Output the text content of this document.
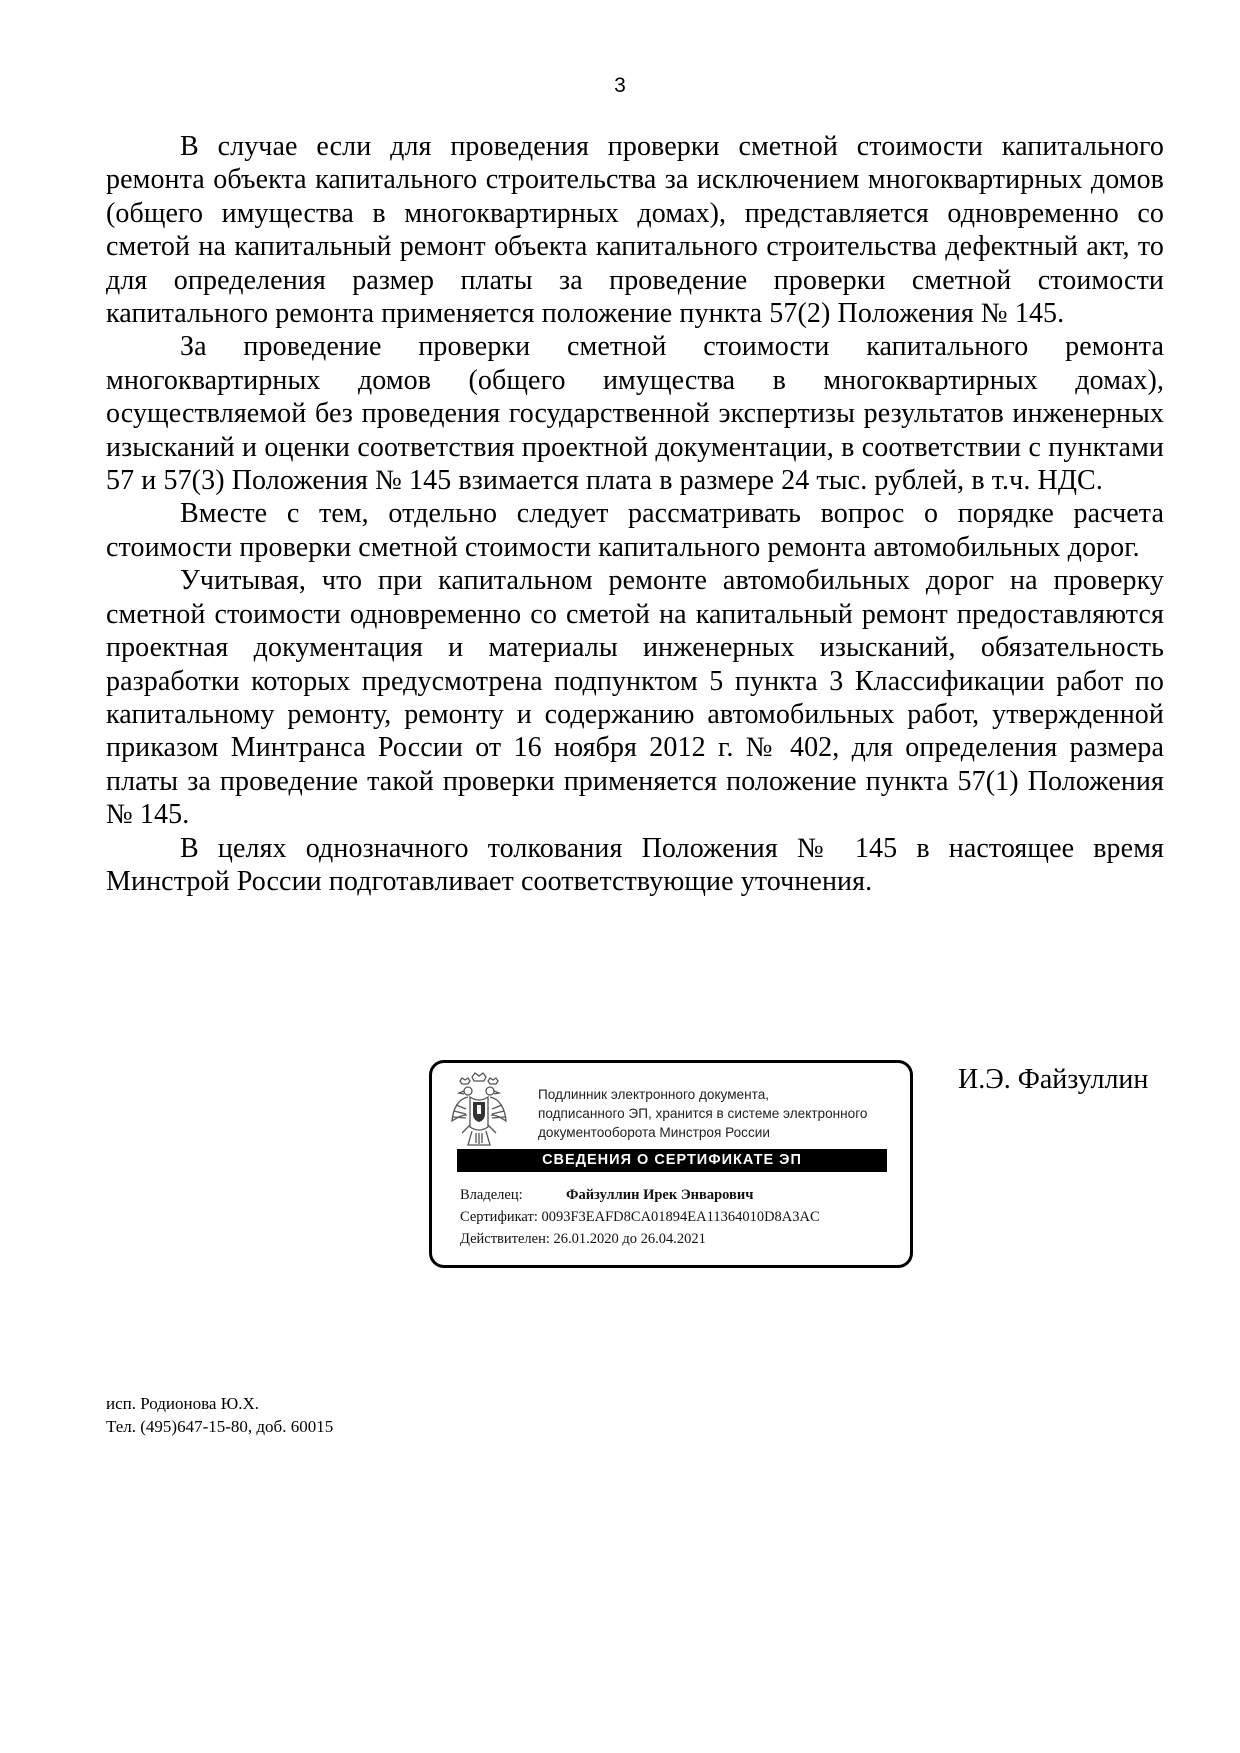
3

В случае если для проведения проверки сметной стоимости капитального ремонта объекта капитального строительства за исключением многоквартирных домов (общего имущества в многоквартирных домах), представляется одновременно со сметой на капитальный ремонт объекта капитального строительства дефектный акт, то для определения размер платы за проведение проверки сметной стоимости капитального ремонта применяется положение пункта 57(2) Положения № 145.

За проведение проверки сметной стоимости капитального ремонта многоквартирных домов (общего имущества в многоквартирных домах), осуществляемой без проведения государственной экспертизы результатов инженерных изысканий и оценки соответствия проектной документации, в соответствии с пунктами 57 и 57(3) Положения № 145 взимается плата в размере 24 тыс. рублей, в т.ч. НДС.

Вместе с тем, отдельно следует рассматривать вопрос о порядке расчета стоимости проверки сметной стоимости капитального ремонта автомобильных дорог.

Учитывая, что при капитальном ремонте автомобильных дорог на проверку сметной стоимости одновременно со сметой на капитальный ремонт предоставляются проектная документация и материалы инженерных изысканий, обязательность разработки которых предусмотрена подпунктом 5 пункта 3 Классификации работ по капитальному ремонту, ремонту и содержанию автомобильных работ, утвержденной приказом Минтранса России от 16 ноября 2012 г. № 402, для определения размера платы за проведение такой проверки применяется положение пункта 57(1) Положения № 145.

В целях однозначного толкования Положения № 145 в настоящее время Минстрой России подготавливает соответствующие уточнения.

Подлинник электронного документа,
подписанного ЭП, хранится в системе электронного
документооборота Минстроя России
СВЕДЕНИЯ О СЕРТИФИКАТЕ ЭП
Владелец:	Файзуллин Ирек Энварович
Сертификат: 0093F3EAFD8CA01894EA11364010D8A3AC
Действителен: 26.01.2020 до 26.04.2021
И.Э. Файзуллин
исп. Родионова Ю.Х.
Тел. (495)647-15-80, доб. 60015
